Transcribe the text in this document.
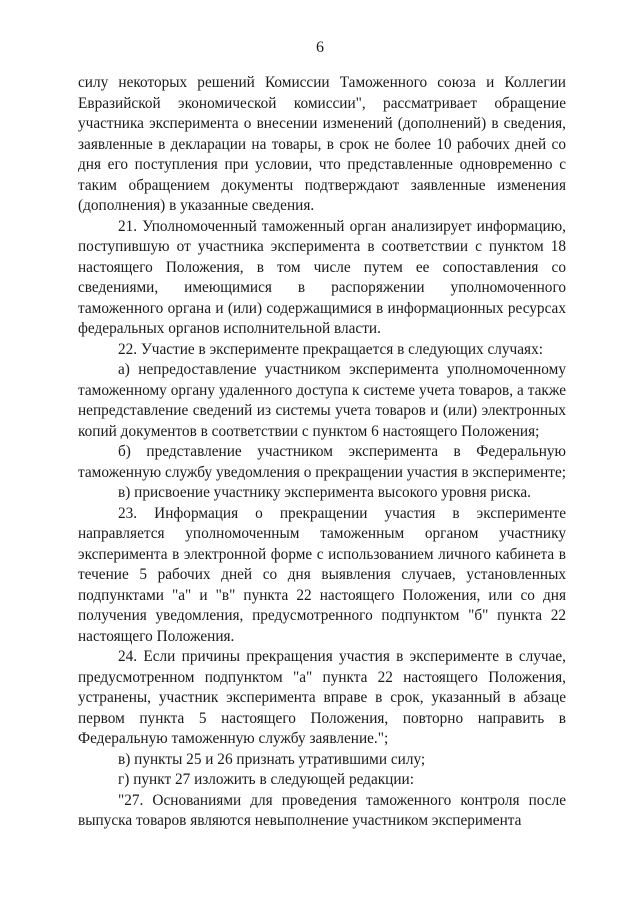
6

силу некоторых решений Комиссии Таможенного союза и Коллегии Евразийской экономической комиссии", рассматривает обращение участника эксперимента о внесении изменений (дополнений) в сведения, заявленные в декларации на товары, в срок не более 10 рабочих дней со дня его поступления при условии, что представленные одновременно с таким обращением документы подтверждают заявленные изменения (дополнения) в указанные сведения.

21. Уполномоченный таможенный орган анализирует информацию, поступившую от участника эксперимента в соответствии с пунктом 18 настоящего Положения, в том числе путем ее сопоставления со сведениями, имеющимися в распоряжении уполномоченного таможенного органа и (или) содержащимися в информационных ресурсах федеральных органов исполнительной власти.

22. Участие в эксперименте прекращается в следующих случаях:

а) непредоставление участником эксперимента уполномоченному таможенному органу удаленного доступа к системе учета товаров, а также непредставление сведений из системы учета товаров и (или) электронных копий документов в соответствии с пунктом 6 настоящего Положения;

б) представление участником эксперимента в Федеральную таможенную службу уведомления о прекращении участия в эксперименте;

в) присвоение участнику эксперимента высокого уровня риска.

23. Информация о прекращении участия в эксперименте направляется уполномоченным таможенным органом участнику эксперимента в электронной форме с использованием личного кабинета в течение 5 рабочих дней со дня выявления случаев, установленных подпунктами "а" и "в" пункта 22 настоящего Положения, или со дня получения уведомления, предусмотренного подпунктом "б" пункта 22 настоящего Положения.

24. Если причины прекращения участия в эксперименте в случае, предусмотренном подпунктом "а" пункта 22 настоящего Положения, устранены, участник эксперимента вправе в срок, указанный в абзаце первом пункта 5 настоящего Положения, повторно направить в Федеральную таможенную службу заявление.";

в) пункты 25 и 26 признать утратившими силу;

г) пункт 27 изложить в следующей редакции:

"27. Основаниями для проведения таможенного контроля после выпуска товаров являются невыполнение участником эксперимента
